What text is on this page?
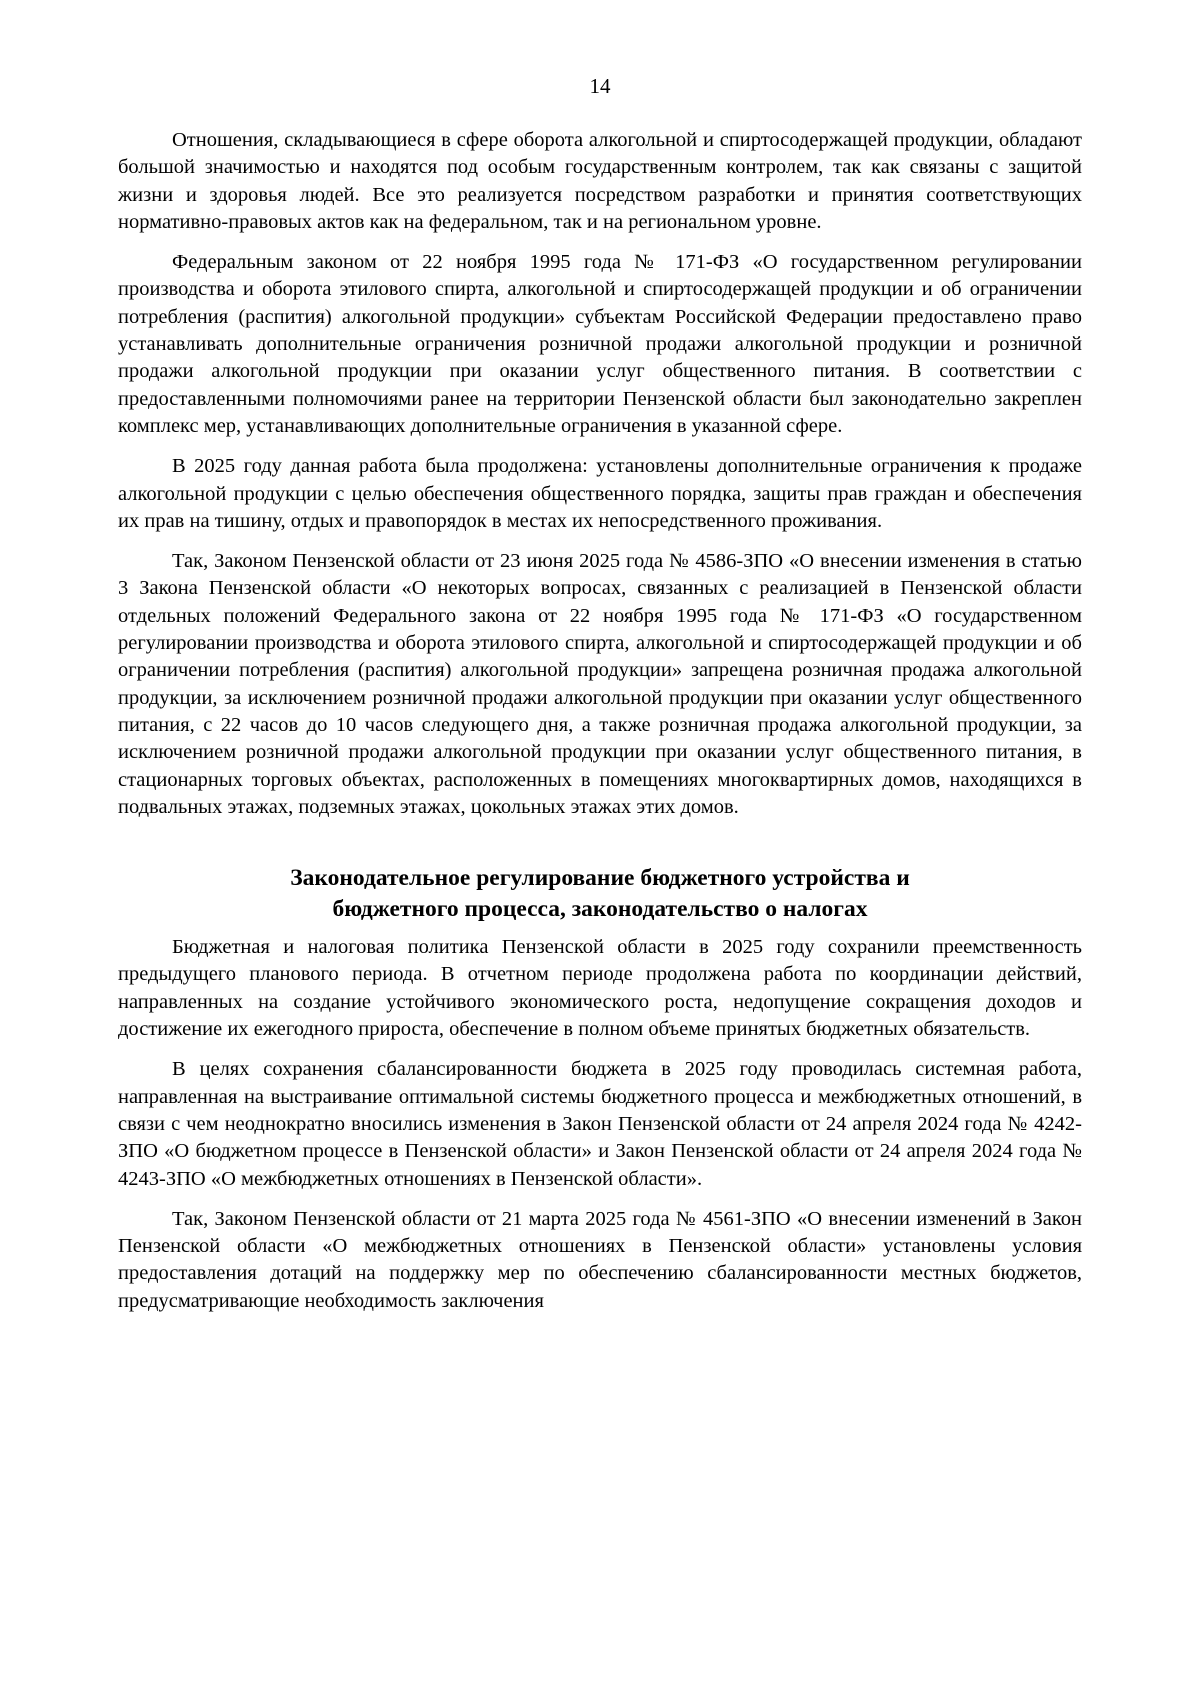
14

Отношения, складывающиеся в сфере оборота алкогольной и спиртосодержащей продукции, обладают большой значимостью и находятся под особым государственным контролем, так как связаны с защитой жизни и здоровья людей. Все это реализуется посредством разработки и принятия соответствующих нормативно-правовых актов как на федеральном, так и на региональном уровне.

Федеральным законом от 22 ноября 1995 года № 171-ФЗ «О государственном регулировании производства и оборота этилового спирта, алкогольной и спиртосодержащей продукции и об ограничении потребления (распития) алкогольной продукции» субъектам Российской Федерации предоставлено право устанавливать дополнительные ограничения розничной продажи алкогольной продукции и розничной продажи алкогольной продукции при оказании услуг общественного питания. В соответствии с предоставленными полномочиями ранее на территории Пензенской области был законодательно закреплен комплекс мер, устанавливающих дополнительные ограничения в указанной сфере.

В 2025 году данная работа была продолжена: установлены дополнительные ограничения к продаже алкогольной продукции с целью обеспечения общественного порядка, защиты прав граждан и обеспечения их прав на тишину, отдых и правопорядок в местах их непосредственного проживания.

Так, Законом Пензенской области от 23 июня 2025 года № 4586-ЗПО «О внесении изменения в статью 3 Закона Пензенской области «О некоторых вопросах, связанных с реализацией в Пензенской области отдельных положений Федерального закона от 22 ноября 1995 года № 171-ФЗ «О государственном регулировании производства и оборота этилового спирта, алкогольной и спиртосодержащей продукции и об ограничении потребления (распития) алкогольной продукции» запрещена розничная продажа алкогольной продукции, за исключением розничной продажи алкогольной продукции при оказании услуг общественного питания, с 22 часов до 10 часов следующего дня, а также розничная продажа алкогольной продукции, за исключением розничной продажи алкогольной продукции при оказании услуг общественного питания, в стационарных торговых объектах, расположенных в помещениях многоквартирных домов, находящихся в подвальных этажах, подземных этажах, цокольных этажах этих домов.

Законодательное регулирование бюджетного устройства и
бюджетного процесса, законодательство о налогах

Бюджетная и налоговая политика Пензенской области в 2025 году сохранили преемственность предыдущего планового периода. В отчетном периоде продолжена работа по координации действий, направленных на создание устойчивого экономического роста, недопущение сокращения доходов и достижение их ежегодного прироста, обеспечение в полном объеме принятых бюджетных обязательств.

В целях сохранения сбалансированности бюджета в 2025 году проводилась системная работа, направленная на выстраивание оптимальной системы бюджетного процесса и межбюджетных отношений, в связи с чем неоднократно вносились изменения в Закон Пензенской области от 24 апреля 2024 года № 4242-ЗПО «О бюджетном процессе в Пензенской области» и Закон Пензенской области от 24 апреля 2024 года № 4243-ЗПО «О межбюджетных отношениях в Пензенской области».

Так, Законом Пензенской области от 21 марта 2025 года № 4561-ЗПО «О внесении изменений в Закон Пензенской области «О межбюджетных отношениях в Пензенской области» установлены условия предоставления дотаций на поддержку мер по обеспечению сбалансированности местных бюджетов, предусматривающие необходимость заключения
